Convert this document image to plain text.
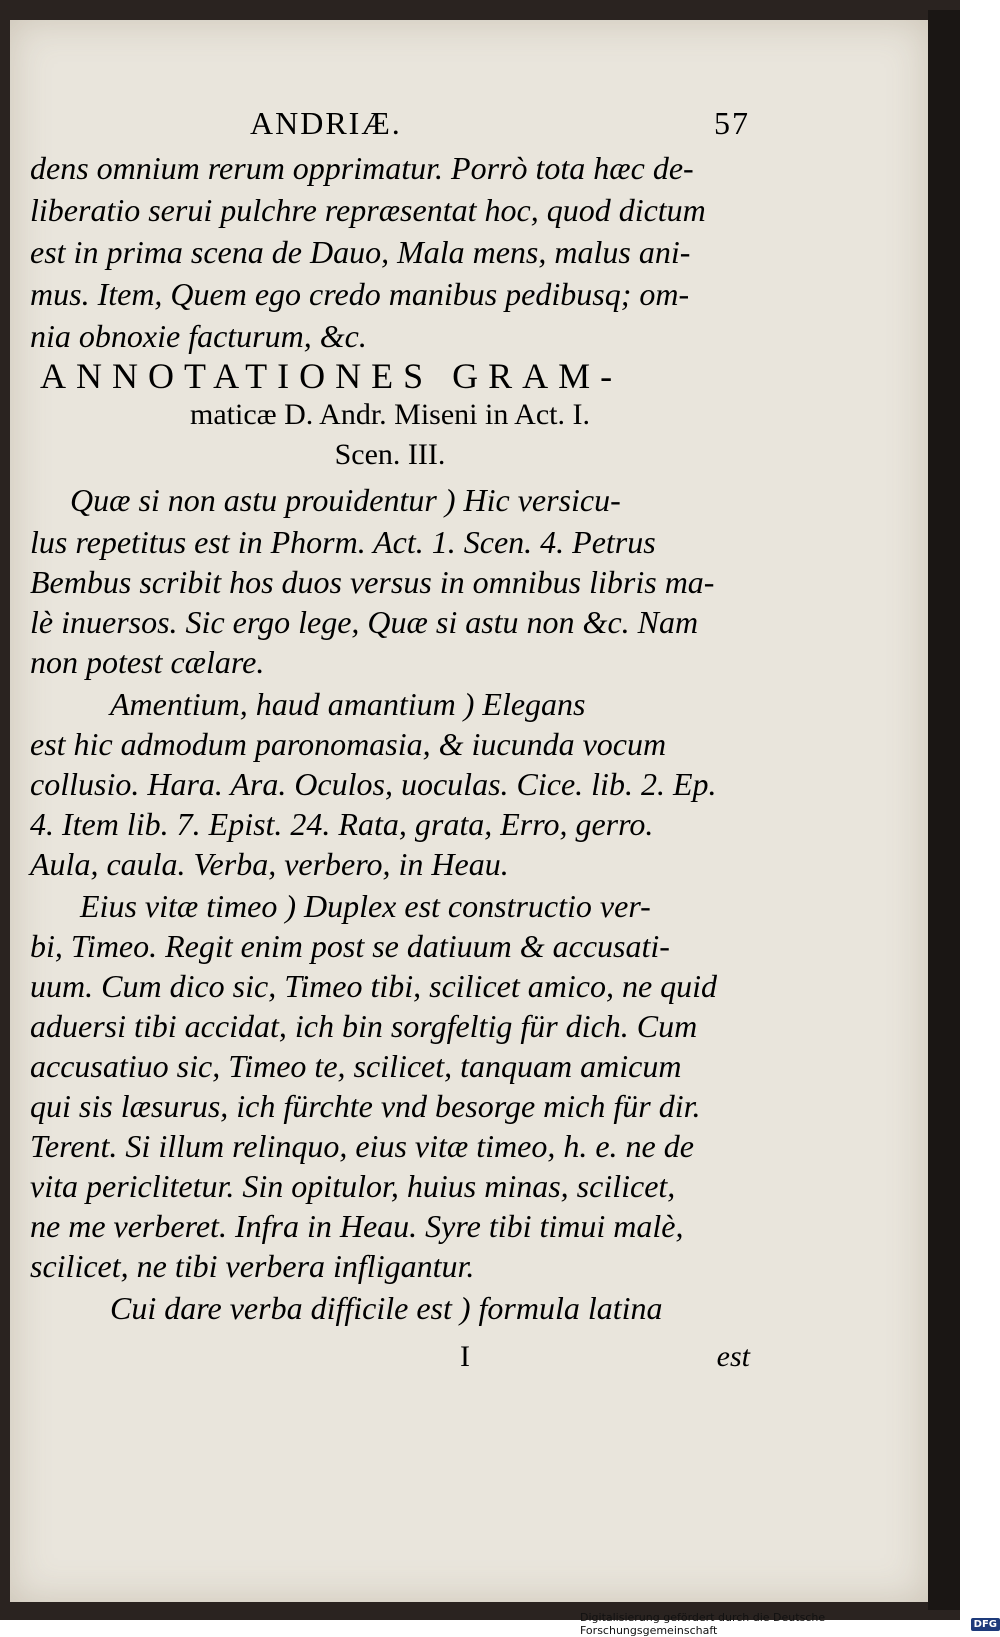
ANDRIÆ.	57
dens omnium rerum opprimatur. Porrò tota hæc de-
liberatio serui pulchre repræsentat hoc, quod dictum
est in prima scena de Dauo, Mala mens, malus ani-
mus. Item, Quem ego credo manibus pedibusq; om-
nia obnoxie facturum, &c.
ANNOTATIONES GRAM-
maticæ D. Andr. Miseni in Act. I.
Scen. III.
Quæ si non astu prouidentur ) Hic versicu-
lus repetitus est in Phorm. Act. 1. Scen. 4. Petrus
Bembus scribit hos duos versus in omnibus libris ma-
lè inuersos. Sic ergo lege, Quæ si astu non &c. Nam
non potest cælare.
Amentium, haud amantium ) Elegans
est hic admodum paronomasia, & iucunda vocum
collusio. Hara. Ara. Oculos, uoculas. Cice. lib. 2. Ep.
4. Item lib. 7. Epist. 24. Rata, grata, Erro, gerro.
Aula, caula. Verba, verbero, in Heau.
Eius vitæ timeo ) Duplex est constructio ver-
bi, Timeo. Regit enim post se datiuum & accusati-
uum. Cum dico sic, Timeo tibi, scilicet amico, ne quid
aduersi tibi accidat, ich bin sorgfeltig für dich. Cum
accusatiuo sic, Timeo te, scilicet, tanquam amicum
qui sis læsurus, ich fürchte vnd besorge mich für dir.
Terent. Si illum relinquo, eius vitæ timeo, h. e. ne de
vita periclitetur. Sin opitulor, huius minas, scilicet,
ne me verberet. Infra in Heau. Syre tibi timui malè,
scilicet, ne tibi verbera infligantur.
Cui dare verba difficile est ) formula latina
I	est
Digitalisierung gefördert durch die Deutsche Forschungsgemeinschaft	DFG
